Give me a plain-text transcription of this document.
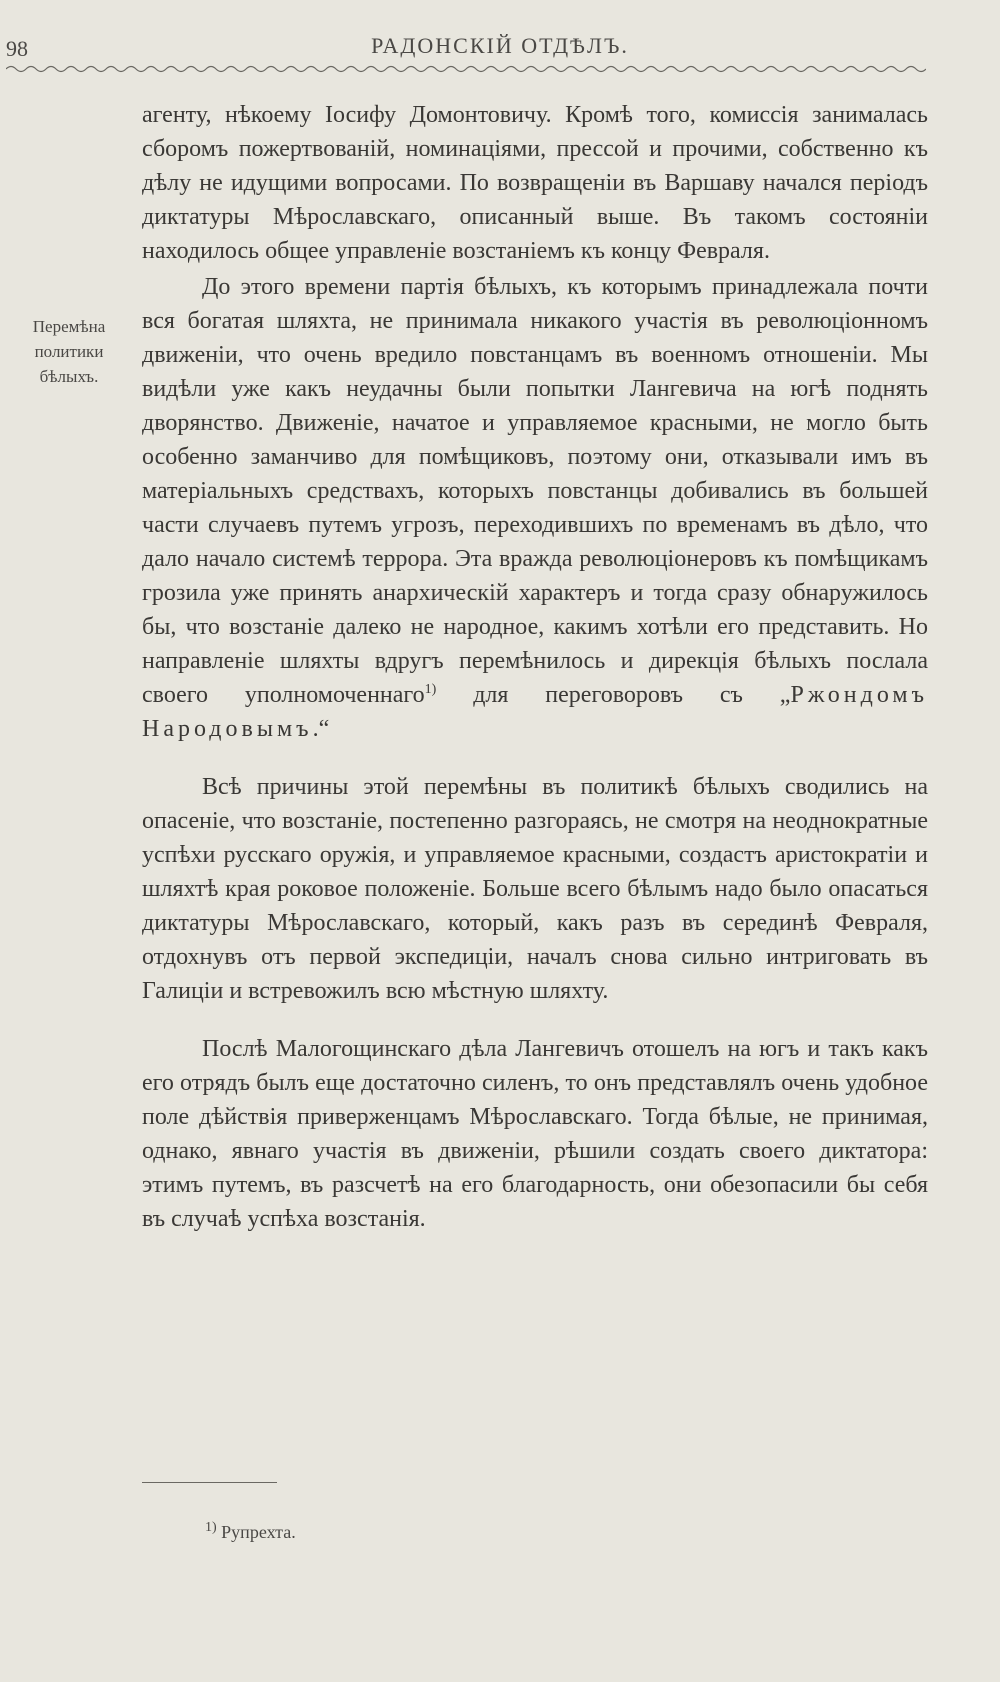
98	РАДОНСКІЙ ОТДѢЛЪ.
Перемѣна
политики
бѣлыхъ.

агенту, нѣкоему Іосифу Домонтовичу. Кромѣ того, комиссія занималась сборомъ пожертвованій, номинаціями, прессой и прочими, собственно къ дѣлу не идущими вопросами. По возвращеніи въ Варшаву начался періодъ диктатуры Мѣрославскаго, описанный выше. Въ такомъ состояніи находилось общее управленіе возстаніемъ къ концу Февраля.

До этого времени партія бѣлыхъ, къ которымъ принадлежала почти вся богатая шляхта, не принимала никакого участія въ революціонномъ движеніи, что очень вредило повстанцамъ въ военномъ отношеніи. Мы видѣли уже какъ неудачны были попытки Лангевича на югѣ поднять дворянство. Движеніе, начатое и управляемое красными, не могло быть особенно заманчиво для помѣщиковъ, поэтому они, отказывали имъ въ матеріальныхъ средствахъ, которыхъ повстанцы добивались въ большей части случаевъ путемъ угрозъ, переходившихъ по временамъ въ дѣло, что дало начало системѣ террора. Эта вражда революціонеровъ къ помѣщикамъ грозила уже принять анархическій характеръ и тогда сразу обнаружилось бы, что возстаніе далеко не народное, какимъ хотѣли его представить. Но направленіе шляхты вдругъ перемѣнилось и дирекція бѣлыхъ послала своего уполномоченнаго$^{1)}$ для переговоровъ съ „Ржондомъ Народовымъ.“

Всѣ причины этой перемѣны въ политикѣ бѣлыхъ сводились на опасеніе, что возстаніе, постепенно разгораясь, не смотря на неоднократные успѣхи русскаго оружія, и управляемое красными, создастъ аристократіи и шляхтѣ края роковое положеніе. Больше всего бѣлымъ надо было опасаться диктатуры Мѣрославскаго, который, какъ разъ въ серединѣ Февраля, отдохнувъ отъ первой экспедиціи, началъ снова сильно интриговать въ Галиціи и встревожилъ всю мѣстную шляхту.

Послѣ Малогощинскаго дѣла Лангевичъ отошелъ на югъ и такъ какъ его отрядъ былъ еще достаточно силенъ, то онъ представлялъ очень удобное поле дѣйствія приверженцамъ Мѣрославскаго. Тогда бѣлые, не принимая, однако, явнаго участія въ движеніи, рѣшили создать своего диктатора: этимъ путемъ, въ разсчетѣ на его благодарность, они обезопасили бы себя въ случаѣ успѣха возстанія.

$^{1)}$ Рупрехта.
